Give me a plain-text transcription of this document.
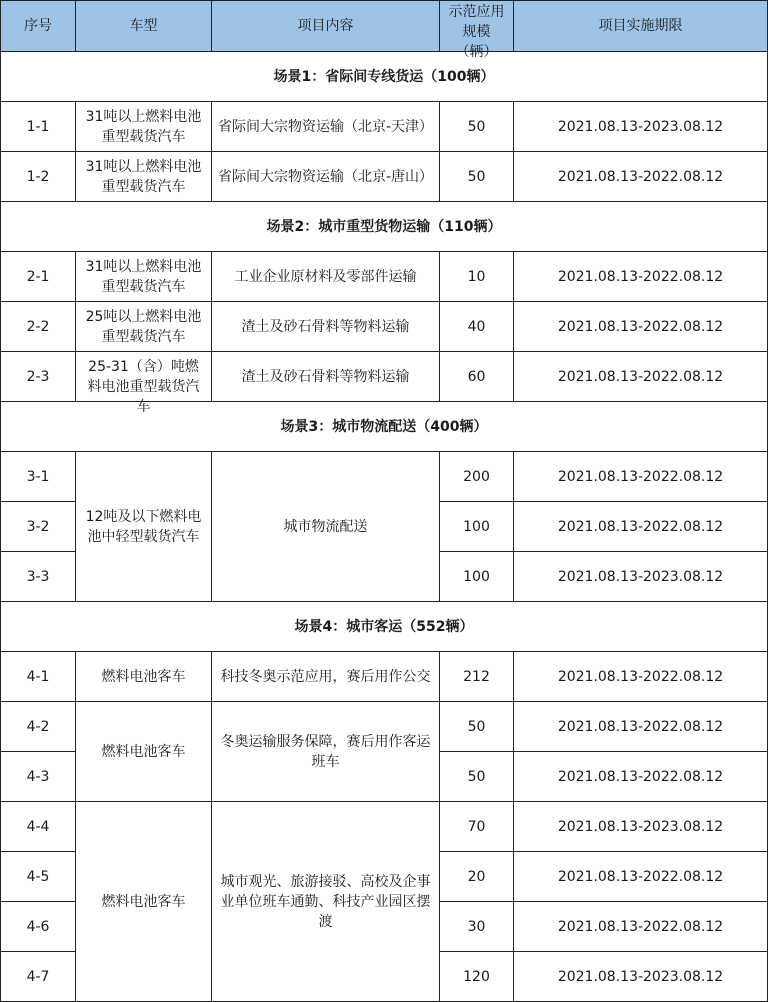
序号	车型	项目内容	示范应用规模（辆）	项目实施期限
场景1：省际间专线货运（100辆）				
1-1	31吨以上燃料电池重型载货汽车	省际间大宗物资运输（北京-天津）	50	2021.08.13-2023.08.12
1-2	31吨以上燃料电池重型载货汽车	省际间大宗物资运输（北京-唐山）	50	2021.08.13-2022.08.12
场景2：城市重型货物运输（110辆）				
2-1	31吨以上燃料电池重型载货汽车	工业企业原材料及零部件运输	10	2021.08.13-2022.08.12
2-2	25吨以上燃料电池重型载货汽车	渣土及砂石骨料等物料运输	40	2021.08.13-2022.08.12
2-3	25-31（含）吨燃料电池重型载货汽车	渣土及砂石骨料等物料运输	60	2021.08.13-2022.08.12
场景3：城市物流配送（400辆）				
3-1	12吨及以下燃料电池中轻型载货汽车	城市物流配送	200	2021.08.13-2022.08.12
3-2			100	2021.08.13-2022.08.12
3-3			100	2021.08.13-2023.08.12
场景4：城市客运（552辆）				
4-1	燃料电池客车	科技冬奥示范应用，赛后用作公交	212	2021.08.13-2022.08.12
4-2	燃料电池客车	冬奥运输服务保障，赛后用作客运班车	50	2021.08.13-2022.08.12
4-3			50	2021.08.13-2022.08.12
4-4	燃料电池客车	城市观光、旅游接驳、高校及企事业单位班车通勤、科技产业园区摆渡	70	2021.08.13-2023.08.12
4-5			20	2021.08.13-2022.08.12
4-6			30	2021.08.13-2022.08.12
4-7			120	2021.08.13-2023.08.12
